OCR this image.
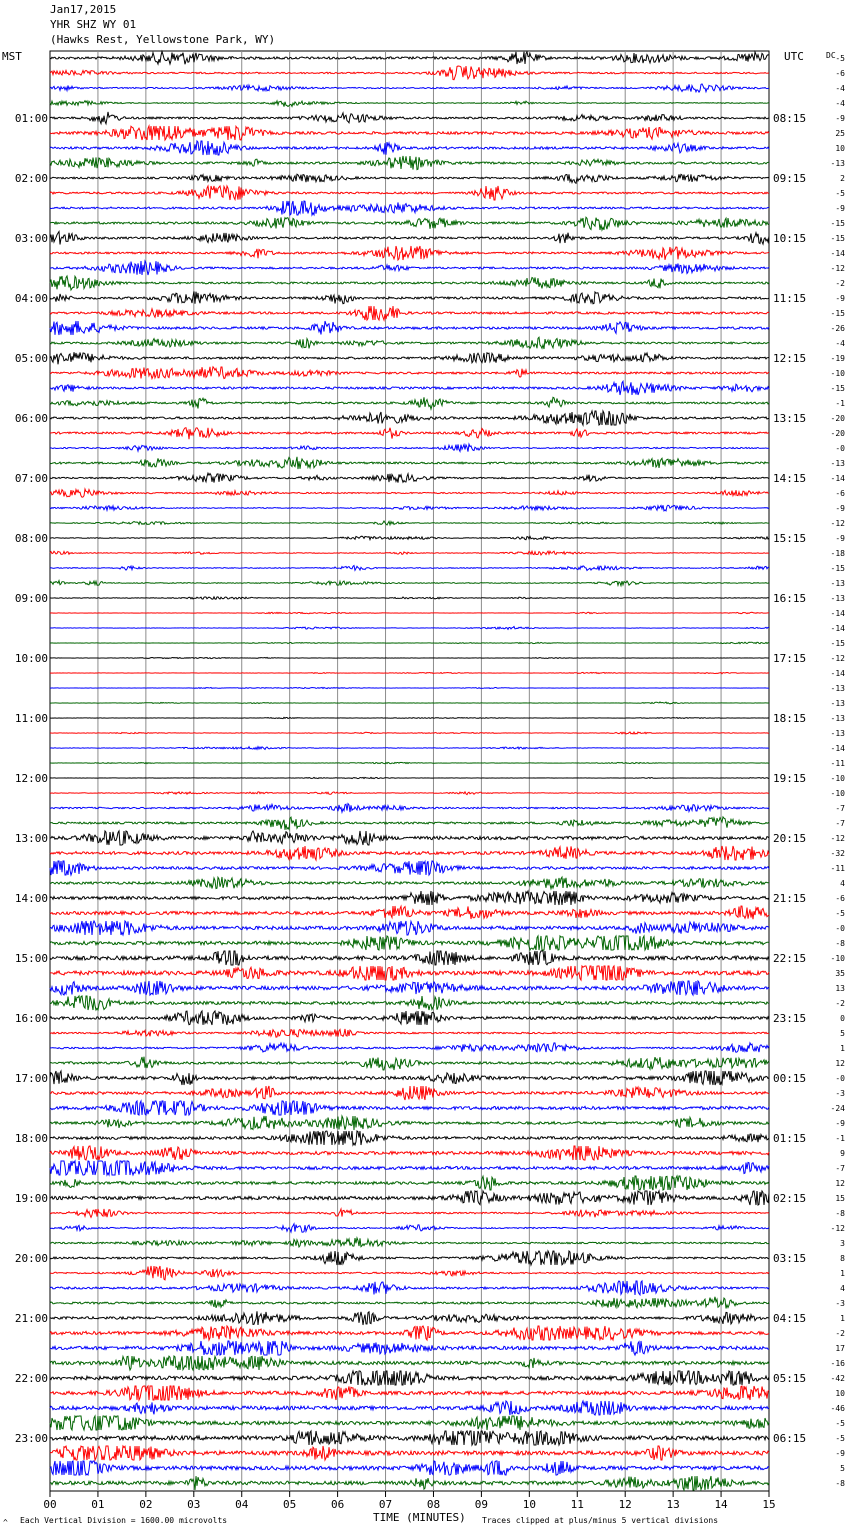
Jan17,2015
YHR SHZ WY 01
(Hawks Rest, Yellowstone Park, WY)
MST	UTC	DC
00	01	02	03	04	05	06	07	08	09	10	11	12	13	14	15
-5
-6
-4
-4
-9
25
10
-13
2
-5
-9
-15
-15
-14
-12
-2
-9
-15
-26
-4
-19
-10
-15
-1
-20
-20
-0
-13
-14
-6
-9
-12
-9
-18
-15
-13
-13
-14
-14
-15
-12
-14
-13
-13
-13
-13
-14
-11
-10
-10
-7
-7
-12
-32
-11
4
-6
-5
-0
-8
-10
35
13
-2
0
5
1
12
-0
-3
-24
-9
-1
9
-7
12
15
-8
-12
3
8
1
4
-3
1
-2
17
-16
-42
10
-46
-5
-5
-9
5
-8
01:00
02:00
03:00
04:00
05:00
06:00
07:00
08:00
09:00
10:00
11:00
12:00
13:00
14:00
15:00
16:00
17:00
18:00
19:00
20:00
21:00
22:00
23:00
08:15
09:15
10:15
11:15
12:15
13:15
14:15
15:15
16:15
17:15
18:15
19:15
20:15
21:15
22:15
23:15
00:15
01:15
02:15
03:15
04:15
05:15
06:15
^ Each Vertical Division = 1600.00 microvolts	TIME (MINUTES) Traces clipped at plus/minus 5 vertical divisions
